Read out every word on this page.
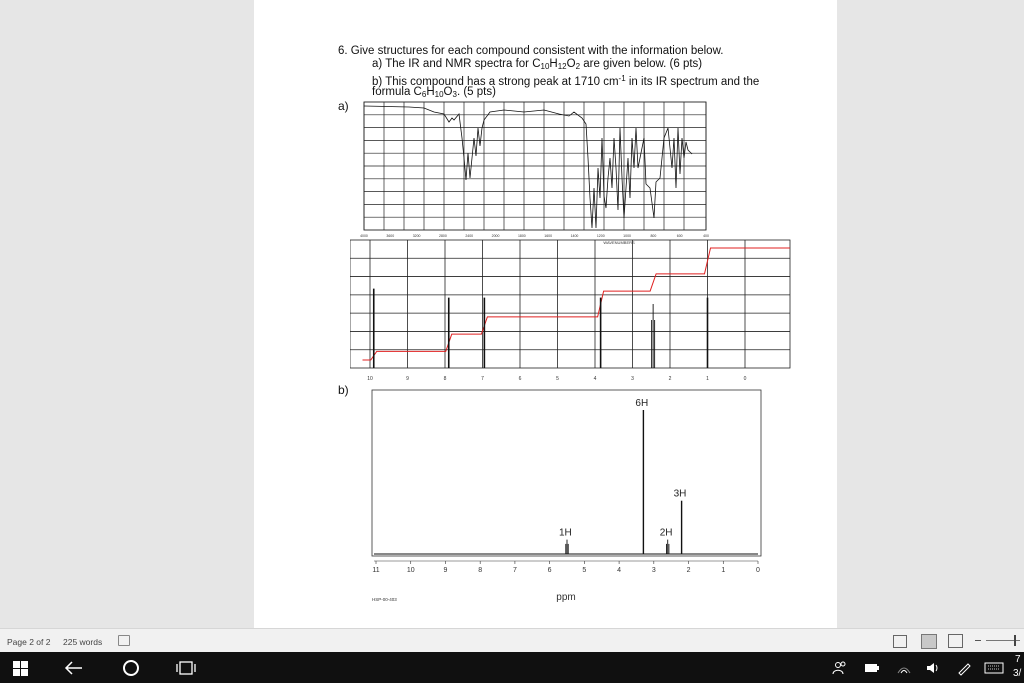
6. Give structures for each compound consistent with the information below.
a) The IR and NMR spectra for $C_{10}H_{12}O_2$ are given below. (6 pts)
b) This compound has a strong peak at 1710 $cm^{-1}$ in its IR spectrum and the
formula $C_6H_{10}O_3$. (5 pts)
a)
b)
4000	3600	3200	2800	2400	2000	1800	1600	1400	1200	1000	800	600	400
WAVENUMBERS
10	9	8	7	6	5	4	3	2	1	0
1H
6H
2H
3H
11	10	9	8	7	6	5	4	3	2	1	0
ppm
HSP-00-403
Page 2 of 2 225 words
7
3/
